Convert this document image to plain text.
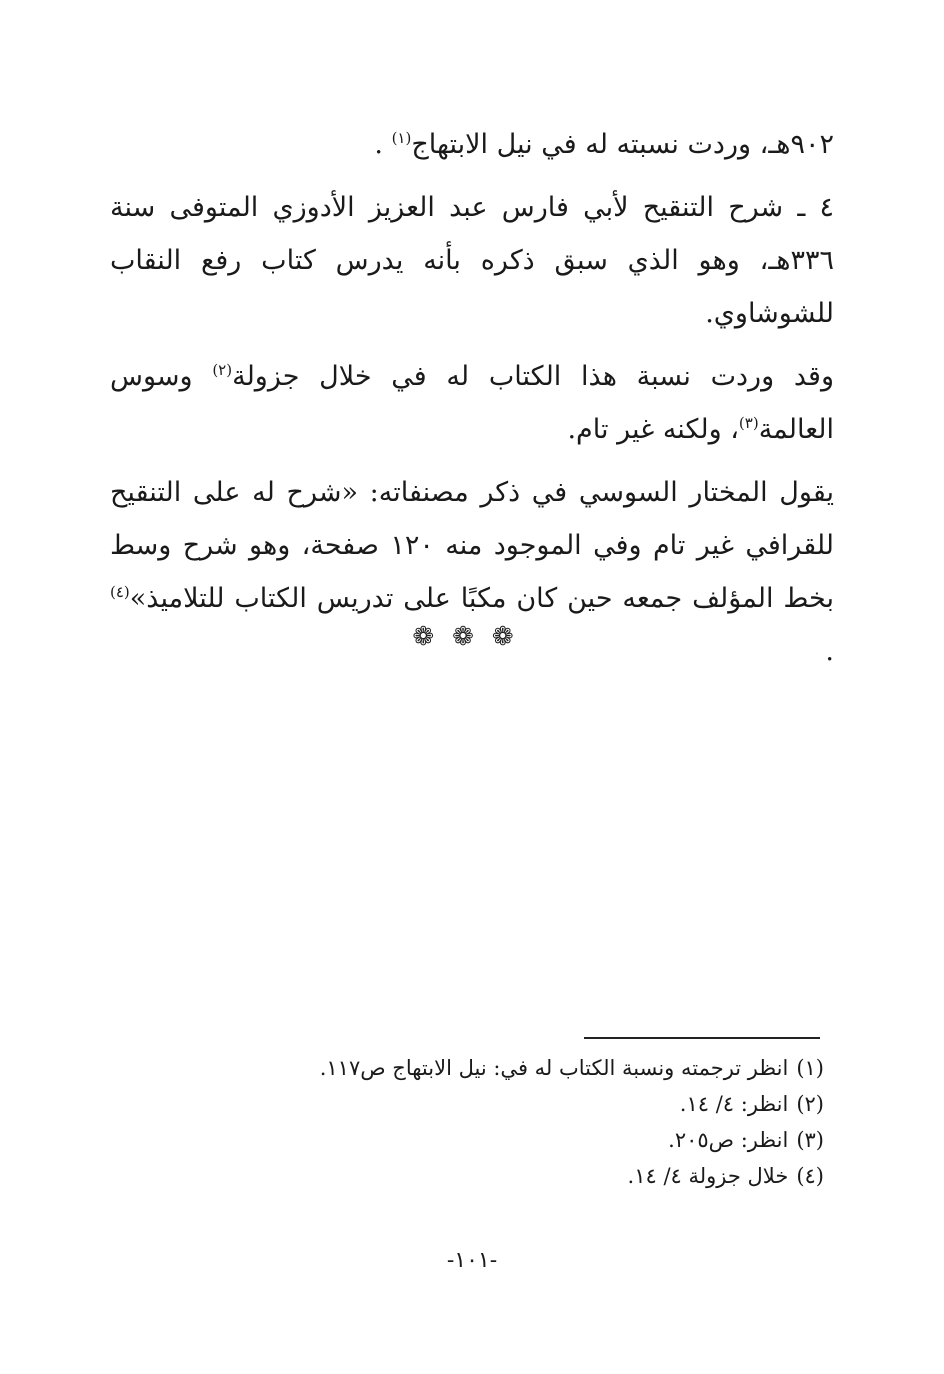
٩٠٢هـ، وردت نسبته له في نيل الابتهاج$^{(١)}$ .

٤ ـ شرح التنقيح لأبي فارس عبد العزيز الأدوزي المتوفى سنة ٣٣٦هـ، وهو الذي سبق ذكره بأنه يدرس كتاب رفع النقاب للشوشاوي.

وقد وردت نسبة هذا الكتاب له في خلال جزولة$^{(٢)}$ وسوس العالمة$^{(٣)}$، ولكنه غير تام.

يقول المختار السوسي في ذكر مصنفاته: «شرح له على التنقيح للقرافي غير تام وفي الموجود منه ١٢٠ صفحة، وهو شرح وسط بخط المؤلف جمعه حين كان مكبًا على تدريس الكتاب للتلاميذ»$^{(٤)}$ .

❁❁❁
(١)انظر ترجمته ونسبة الكتاب له في: نيل الابتهاج ص١١٧.
(٢)انظر: ٤/ ١٤.
(٣)انظر: ص٢٠٥.
(٤)خلال جزولة ٤/ ١٤.
-١٠١-
